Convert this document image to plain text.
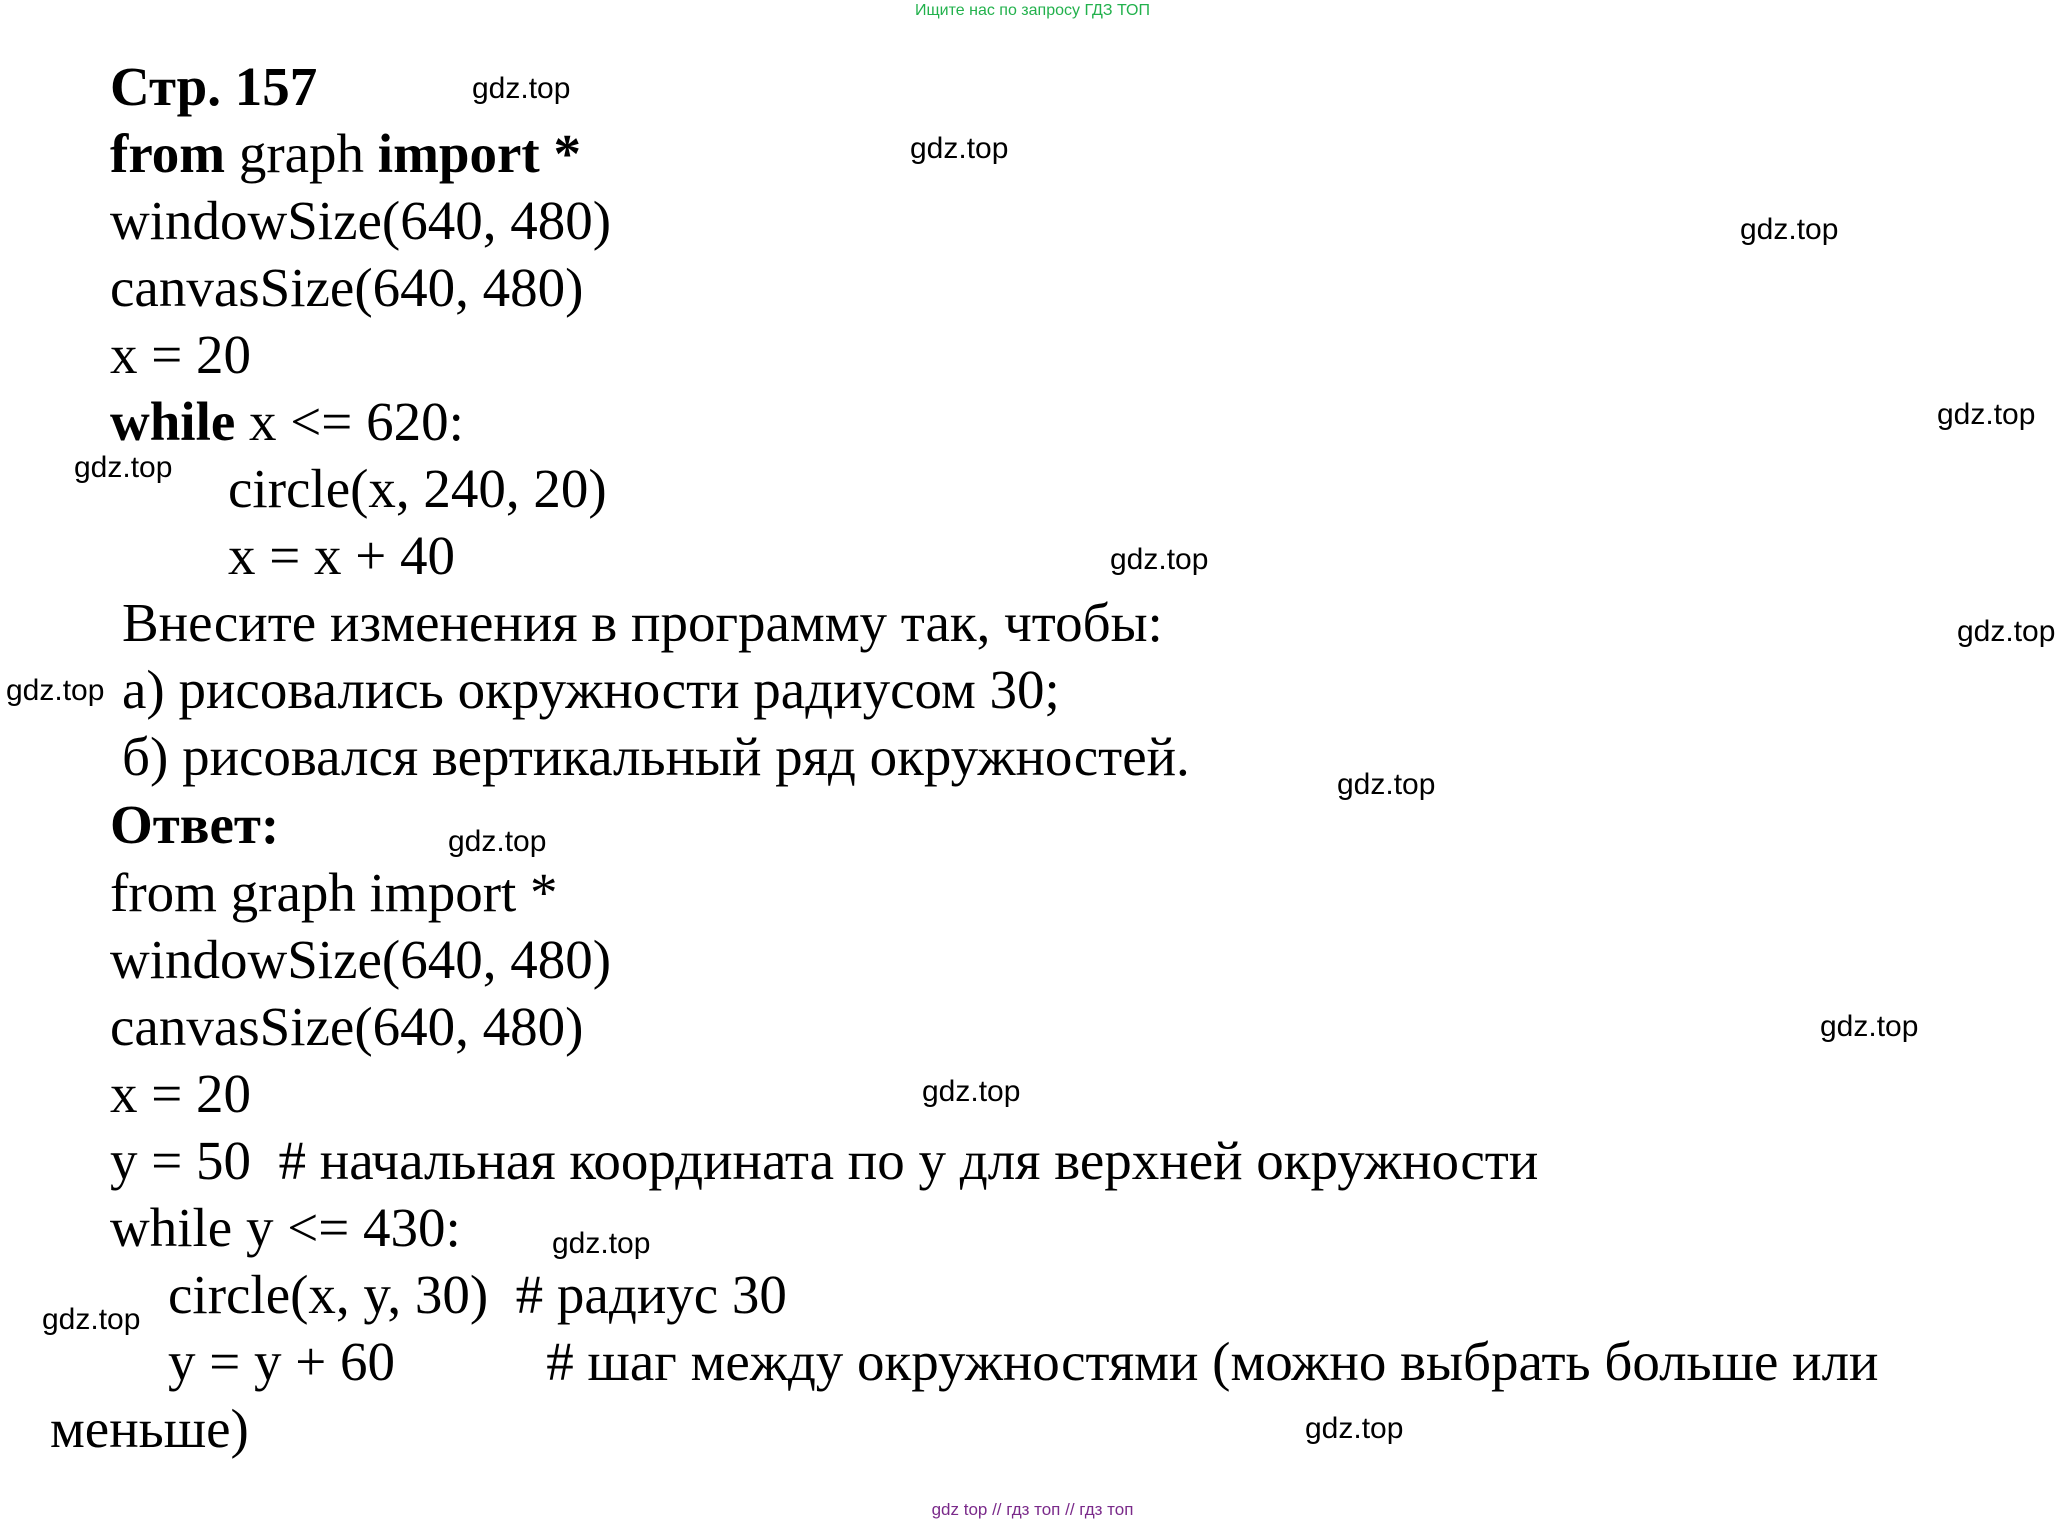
Ищите нас по запросу ГДЗ ТОП
Стр. 157
from graph import *
windowSize(640, 480)
canvasSize(640, 480)
x = 20
while x <= 620:
circle(x, 240, 20)
x = x + 40
Внесите изменения в программу так, чтобы:
а) рисовались окружности радиусом 30;
б) рисовался вертикальный ряд окружностей.
Ответ:
from graph import *
windowSize(640, 480)
canvasSize(640, 480)
x = 20
y = 50  # начальная координата по y для верхней окружности
while y <= 430:
circle(x, y, 30)  # радиус 30
y = y + 60           # шаг между окружностями (можно выбрать больше или
меньше)
gdz.top
gdz.top
gdz.top
gdz.top
gdz.top
gdz.top
gdz.top
gdz.top
gdz.top
gdz.top
gdz.top
gdz.top
gdz.top
gdz.top
gdz.top
gdz top // гдз топ // гдз топ
